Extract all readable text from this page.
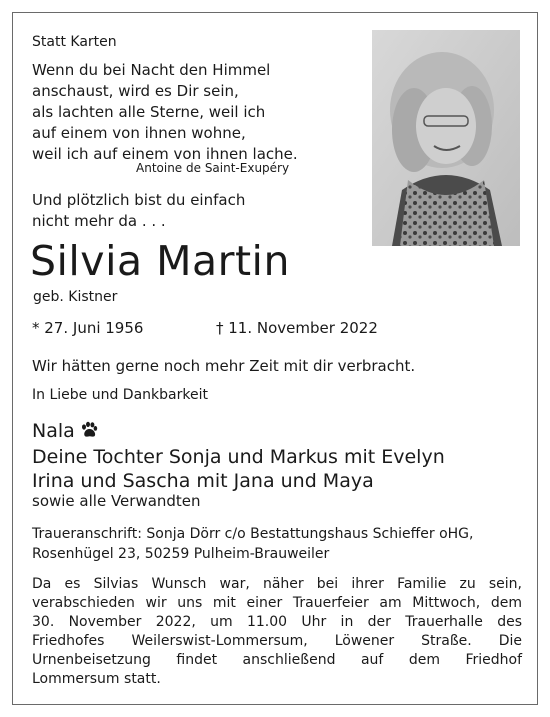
Statt Karten
Wenn du bei Nacht den Himmel
anschaust, wird es Dir sein,
als lachten alle Sterne, weil ich
auf einem von ihnen wohne,
weil ich auf einem von ihnen lache.
Antoine de Saint-Exupéry
Und plötzlich bist du einfach
nicht mehr da . . .
Silvia Martin
geb. Kistner
* 27. Juni 1956	† 11. November 2022
Wir hätten gerne noch mehr Zeit mit dir verbracht.
In Liebe und Dankbarkeit
Nala
Deine Tochter Sonja und Markus mit Evelyn
Irina und Sascha mit Jana und Maya
sowie alle Verwandten
Traueranschrift: Sonja Dörr c/o Bestattungshaus Schieffer oHG,
Rosenhügel 23, 50259 Pulheim-Brauweiler
Da es Silvias Wunsch war, näher bei ihrer Familie zu sein,
verabschieden wir uns mit einer Trauerfeier am Mittwoch, dem
30. November 2022, um 11.00 Uhr in der Trauerhalle des
Friedhofes Weilerswist-Lommersum, Löwener Straße. Die
Urnenbeisetzung findet anschließend auf dem Friedhof
Lommersum statt.
